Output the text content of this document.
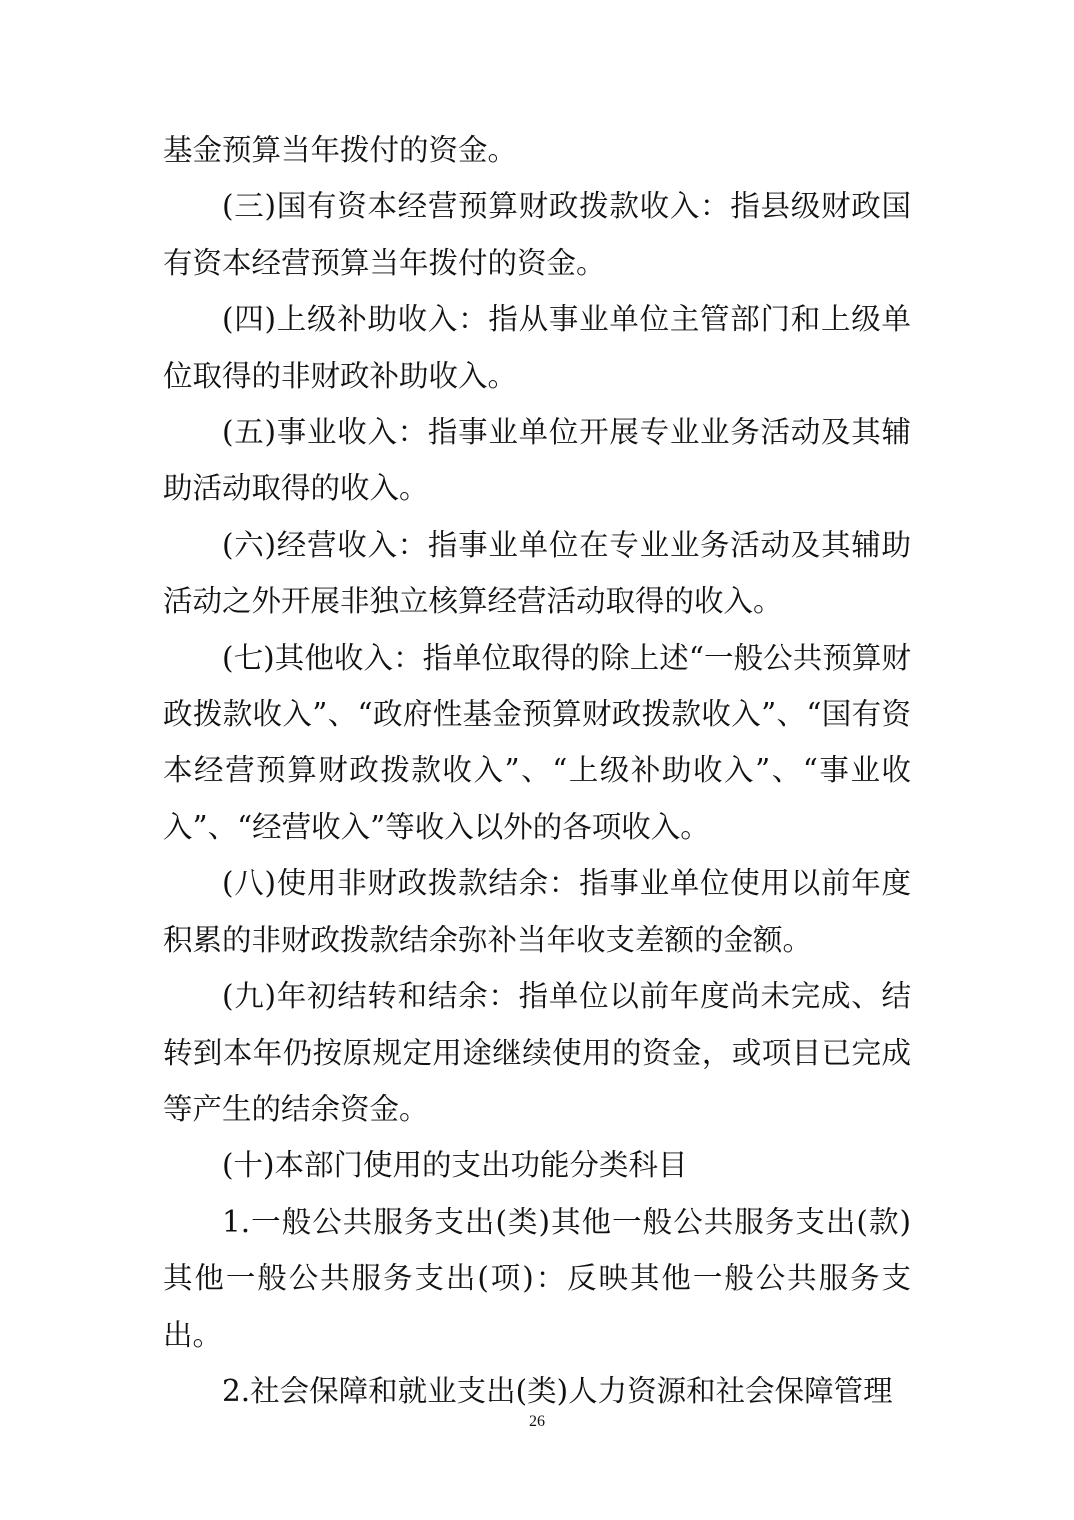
基金预算当年拨付的资金。

(三)国有资本经营预算财政拨款收入：指县级财政国有资本经营预算当年拨付的资金。

(四)上级补助收入：指从事业单位主管部门和上级单位取得的非财政补助收入。

(五)事业收入：指事业单位开展专业业务活动及其辅助活动取得的收入。

(六)经营收入：指事业单位在专业业务活动及其辅助活动之外开展非独立核算经营活动取得的收入。

(七)其他收入：指单位取得的除上述“一般公共预算财政拨款收入”、“政府性基金预算财政拨款收入”、“国有资本经营预算财政拨款收入”、“上级补助收入”、“事业收入”、“经营收入”等收入以外的各项收入。

(八)使用非财政拨款结余：指事业单位使用以前年度积累的非财政拨款结余弥补当年收支差额的金额。

(九)年初结转和结余：指单位以前年度尚未完成、结转到本年仍按原规定用途继续使用的资金，或项目已完成等产生的结余资金。

(十)本部门使用的支出功能分类科目

1.一般公共服务支出(类)其他一般公共服务支出(款)其他一般公共服务支出(项)：反映其他一般公共服务支出。

2.社会保障和就业支出(类)人力资源和社会保障管理

26
